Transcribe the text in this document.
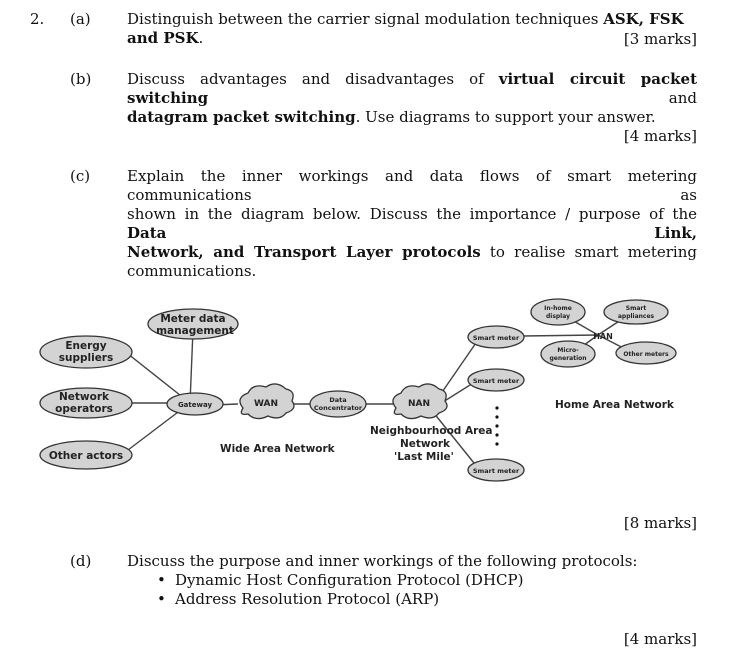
2. (a) Distinguish between the carrier signal modulation techniques ASK, FSK and PSK.	[3 marks]
(b) Discuss advantages and disadvantages of virtual circuit packet switching and
datagram packet switching. Use diagrams to support your answer.
[4 marks]
(c) Explain the inner workings and data flows of smart metering communications as
shown in the diagram below. Discuss the importance / purpose of the Data Link,
Network, and Transport Layer protocols to realise smart metering
communications.
Meter data
management
Energy
suppliers
Network
operators
Other actors
Gateway	WAN	Data
Concentrator	NAN
Smart meter
Smart meter
Smart meter
In-home
display
Smart
appliances
HAN
Micro-
generation
Other meters
Wide Area Network
Neighbourhood Area
Network
'Last Mile'
Home Area Network
[8 marks]
(d) Discuss the purpose and inner workings of the following protocols:
• Dynamic Host Configuration Protocol (DHCP)
• Address Resolution Protocol (ARP)
[4 marks]
